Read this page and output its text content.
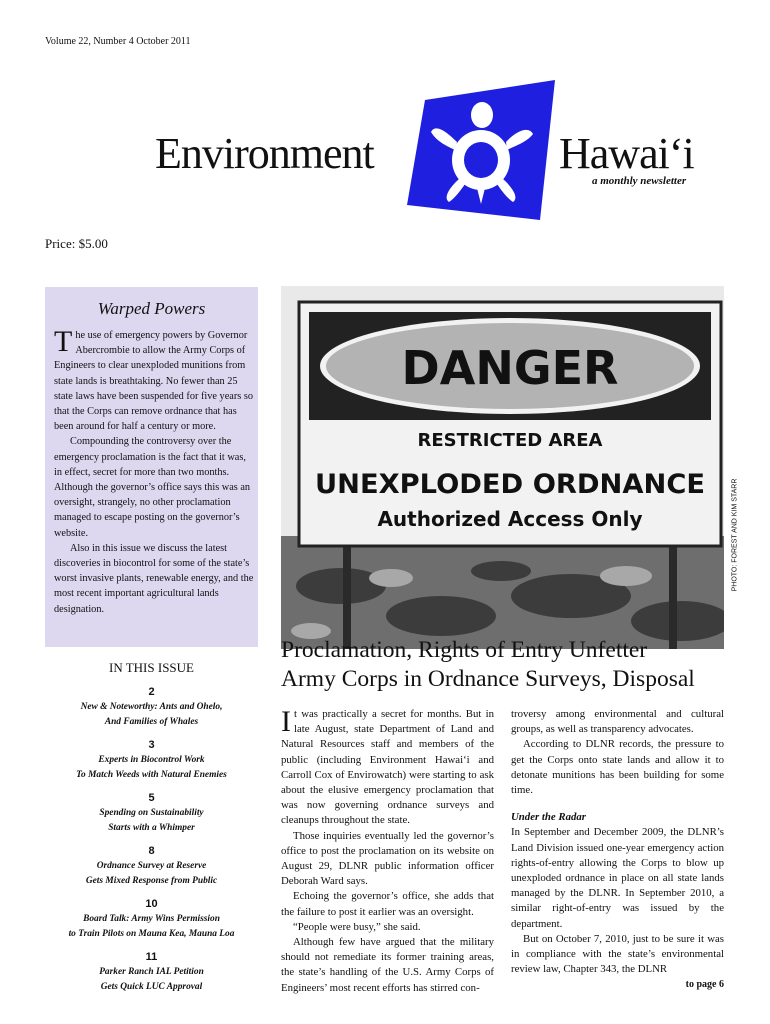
Volume 22, Number 4 October 2011
Environment	Hawaiʻi
a monthly newsletter
Price: $5.00
Warped Powers

The use of emergency powers by Governor Abercrombie to allow the Army Corps of Engineers to clear unexploded munitions from state lands is breathtaking. No fewer than 25 state laws have been suspended for five years so that the Corps can remove ordnance that has been around for half a century or more.

Compounding the controversy over the emergency proclamation is the fact that it was, in effect, secret for more than two months. Although the governor’s office says this was an oversight, strangely, no other proclamation managed to escape posting on the governor’s website.

Also in this issue we discuss the latest discoveries in biocontrol for some of the state’s worst invasive plants, renewable energy, and the most recent important agricultural lands designation.

DANGER
RESTRICTED AREA
UNEXPLODED ORDNANCE
Authorized Access Only	PHOTO: FOREST AND KIM STARR
IN THIS ISSUE
2
New & Noteworthy: Ants and Ohelo,
And Families of Whales
3
Experts in Biocontrol Work
To Match Weeds with Natural Enemies
5
Spending on Sustainability
Starts with a Whimper
8
Ordnance Survey at Reserve
Gets Mixed Response from Public
10
Board Talk: Army Wins Permission
to Train Pilots on Mauna Kea, Mauna Loa
11
Parker Ranch IAL Petition
Gets Quick LUC Approval
Proclamation, Rights of Entry Unfetter
Army Corps in Ordnance Surveys, Disposal

It was practically a secret for months. But in late August, state Department of Land and Natural Resources staff and members of the public (including Environment Hawai‘i and Carroll Cox of Envirowatch) were starting to ask about the elusive emergency proclamation that was now governing ordnance surveys and cleanups throughout the state.

Those inquiries eventually led the governor’s office to post the proclamation on its website on August 29, DLNR public information officer Deborah Ward says.

Echoing the governor’s office, she adds that the failure to post it earlier was an oversight.

“People were busy,” she said.

Although few have argued that the military should not remediate its former training areas, the state’s handling of the U.S. Army Corps of Engineers’ most recent efforts has stirred con-

troversy among environmental and cultural groups, as well as transparency advocates.

According to DLNR records, the pressure to get the Corps onto state lands and allow it to detonate munitions has been building for some time.

Under the Radar

In September and December 2009, the DLNR’s Land Division issued one-year emergency action rights-of-entry allowing the Corps to blow up unexploded ordnance in place on all state lands managed by the DLNR. In September 2010, a similar right-of-entry was issued by the department.

But on October 7, 2010, just to be sure it was in compliance with the state’s environmental review law, Chapter 343, the DLNR

to page 6
